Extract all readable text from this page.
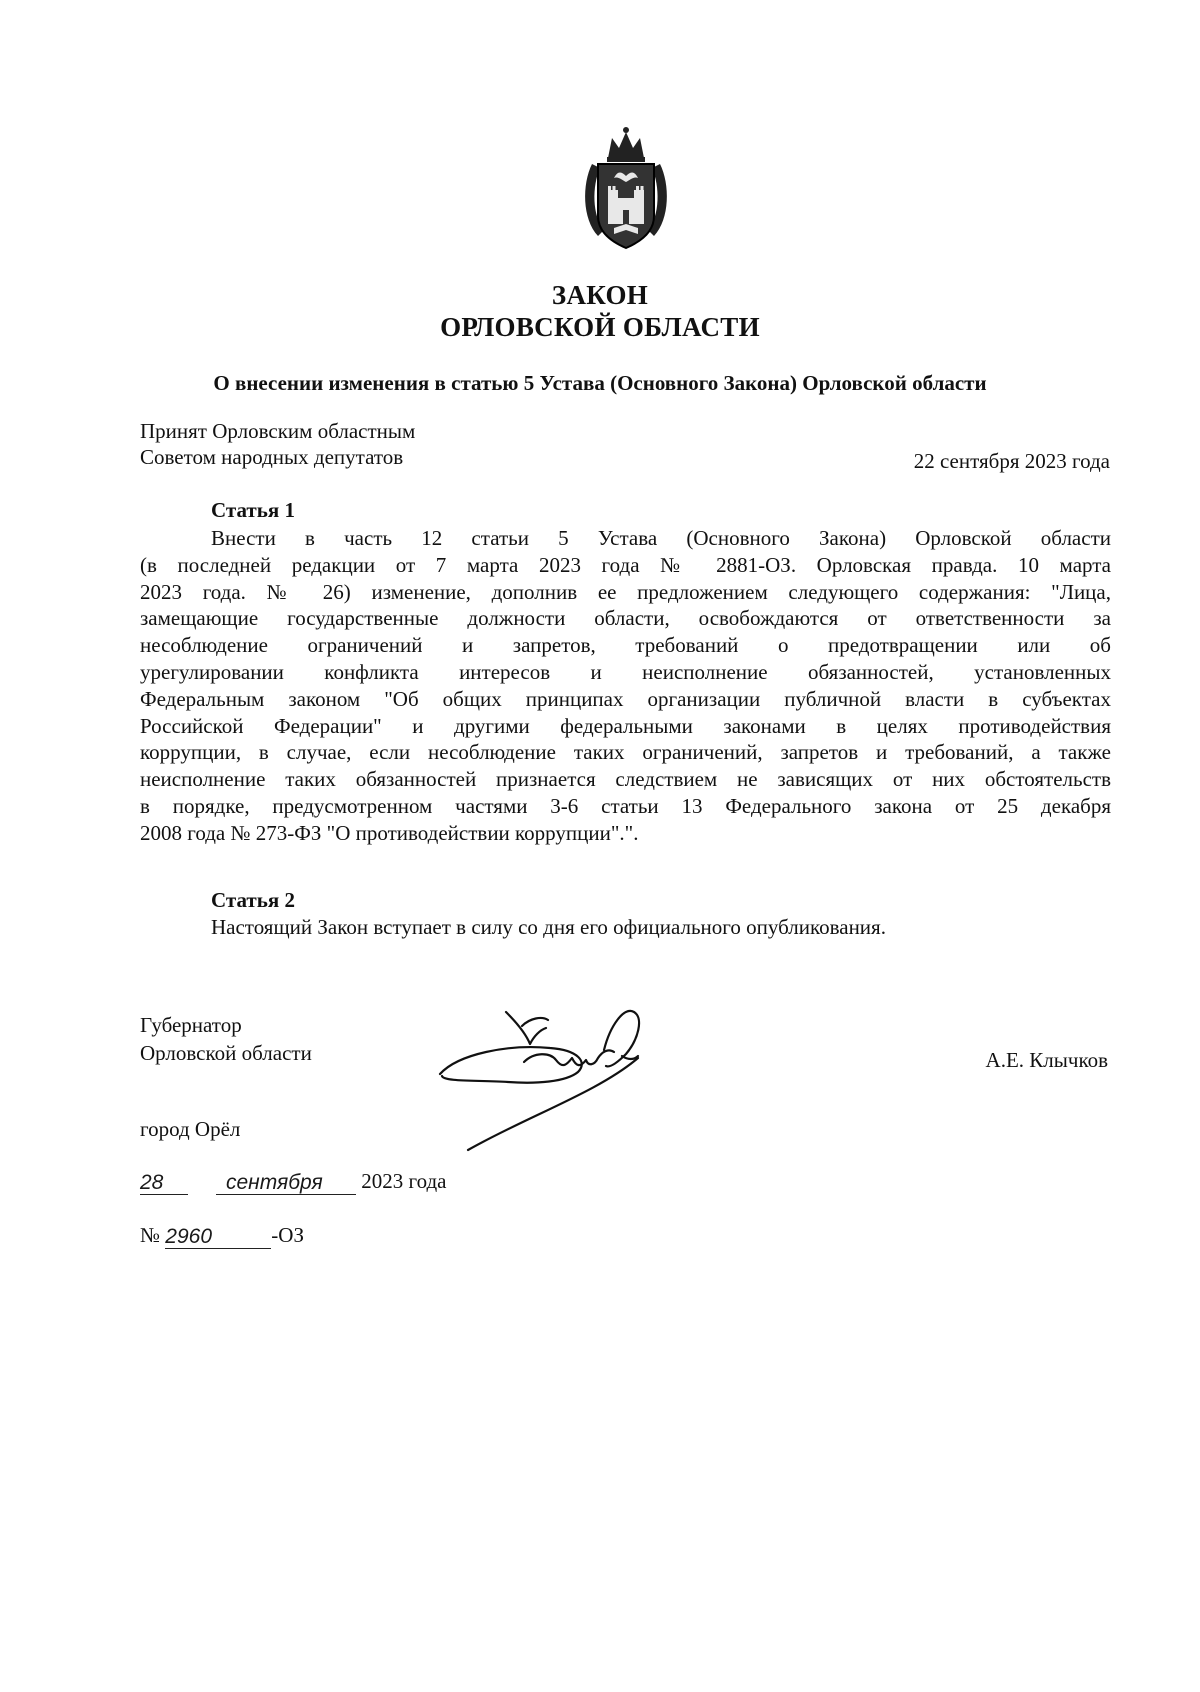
ЗАКОН
ОРЛОВСКОЙ ОБЛАСТИ
О внесении изменения в статью 5 Устава (Основного Закона) Орловской области
Принят Орловским областным
Советом народных депутатов	22 сентября 2023 года
Статья 1
Внести в часть 12 статьи 5 Устава (Основного Закона) Орловской области
(в последней редакции от 7 марта 2023 года № 2881-ОЗ. Орловская правда. 10 марта
2023 года. № 26) изменение, дополнив ее предложением следующего содержания: "Лица,
замещающие государственные должности области, освобождаются от ответственности за
несоблюдение ограничений и запретов, требований о предотвращении или об
урегулировании конфликта интересов и неисполнение обязанностей, установленных
Федеральным законом "Об общих принципах организации публичной власти в субъектах
Российской Федерации" и другими федеральными законами в целях противодействия
коррупции, в случае, если несоблюдение таких ограничений, запретов и требований, а также
неисполнение таких обязанностей признается следствием не зависящих от них обстоятельств
в порядке, предусмотренном частями 3-6 статьи 13 Федерального закона от 25 декабря
2008 года № 273-ФЗ "О противодействии коррупции".".
Статья 2
Настоящий Закон вступает в силу со дня его официального опубликования.
Губернатор
Орловской области	А.Е. Клычков
город Орёл
28	сентября 2023 года
№ 2960	-ОЗ
